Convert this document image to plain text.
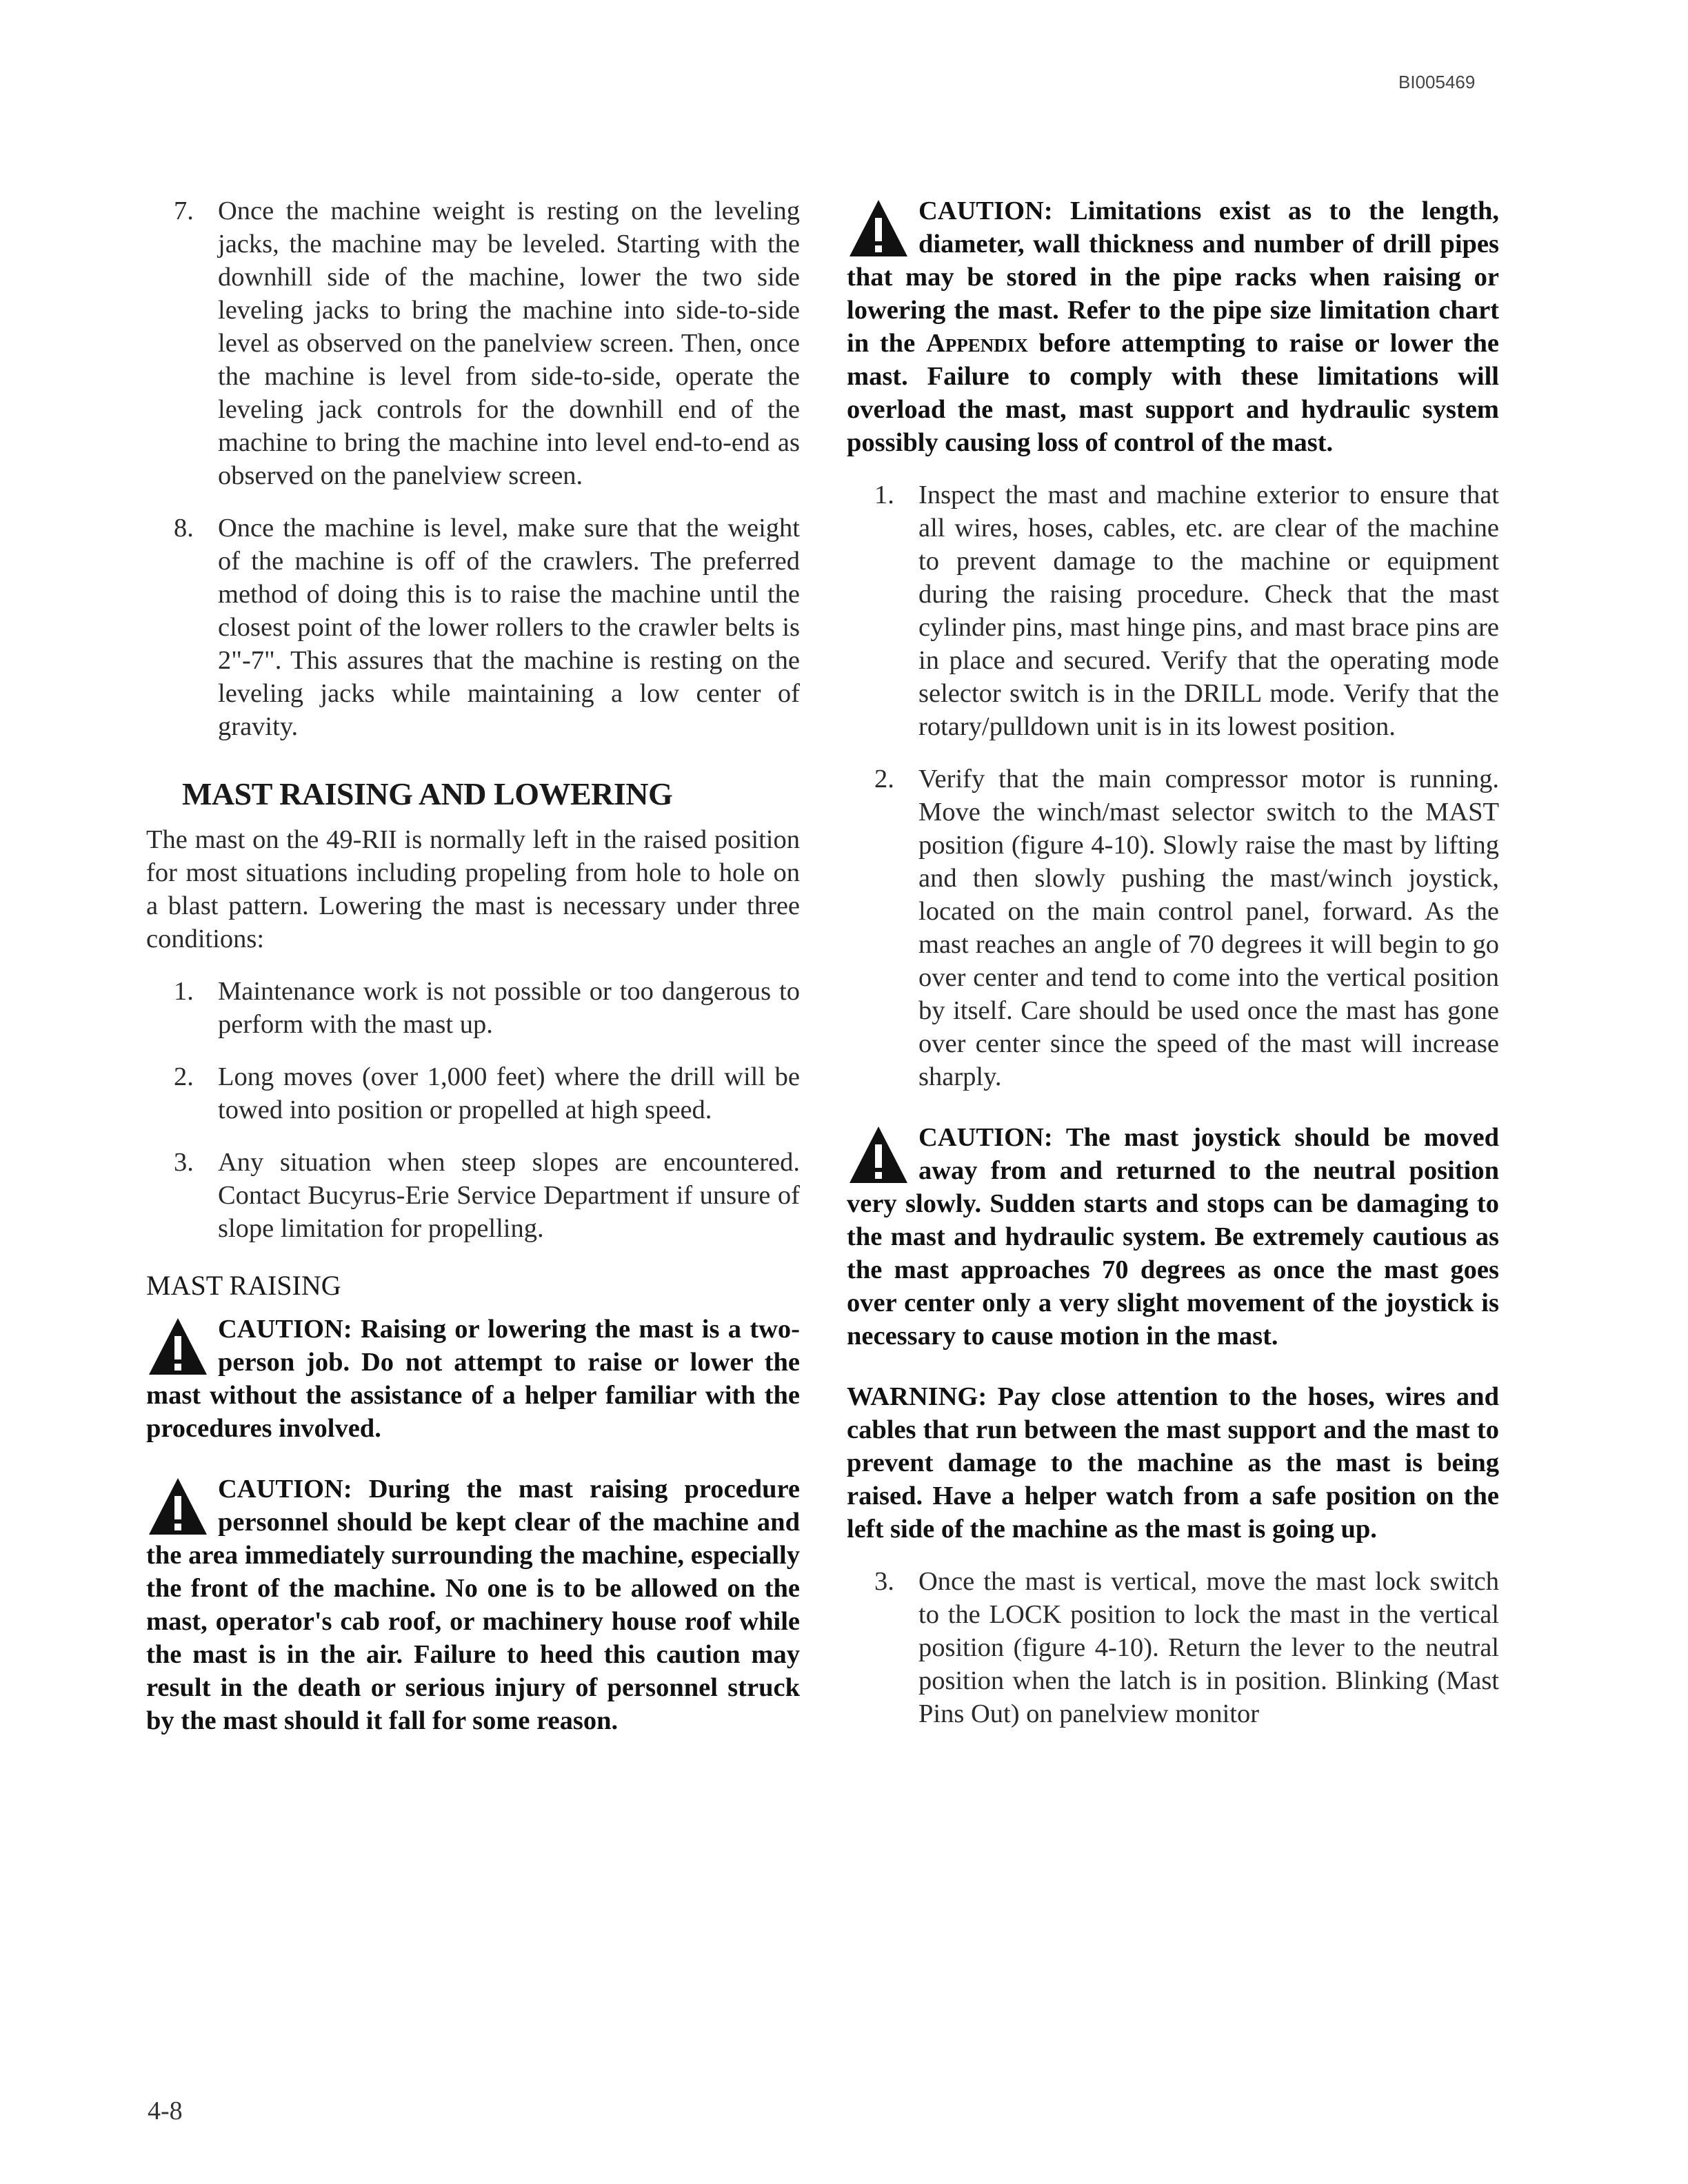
BI005469
7. Once the machine weight is resting on the leveling jacks, the machine may be leveled. Starting with the downhill side of the machine, lower the two side leveling jacks to bring the machine into side-to-side level as observed on the panelview screen. Then, once the machine is level from side-to-side, operate the leveling jack controls for the downhill end of the machine to bring the machine into level end-to-end as observed on the panelview screen.

8. Once the machine is level, make sure that the weight of the machine is off of the crawlers. The preferred method of doing this is to raise the machine until the closest point of the lower rollers to the crawler belts is 2"-7". This assures that the machine is resting on the leveling jacks while maintaining a low center of gravity.

MAST RAISING AND LOWERING

The mast on the 49-RII is normally left in the raised position for most situations including propeling from hole to hole on a blast pattern. Lowering the mast is necessary under three conditions:

1. Maintenance work is not possible or too dangerous to perform with the mast up.

2. Long moves (over 1,000 feet) where the drill will be towed into position or propelled at high speed.

3. Any situation when steep slopes are encountered. Contact Bucyrus-Erie Service Department if unsure of slope limitation for propelling.

MAST RAISING

CAUTION: Raising or lowering the mast is a two-person job. Do not attempt to raise or lower the mast without the assistance of a helper familiar with the procedures involved.

CAUTION: During the mast raising procedure personnel should be kept clear of the machine and the area immediately surrounding the machine, especially the front of the machine. No one is to be allowed on the mast, operator's cab roof, or machinery house roof while the mast is in the air. Failure to heed this caution may result in the death or serious injury of personnel struck by the mast should it fall for some reason.

CAUTION: Limitations exist as to the length, diameter, wall thickness and number of drill pipes that may be stored in the pipe racks when raising or lowering the mast. Refer to the pipe size limitation chart in the Appendix before attempting to raise or lower the mast. Failure to comply with these limitations will overload the mast, mast support and hydraulic system possibly causing loss of control of the mast.

1. Inspect the mast and machine exterior to ensure that all wires, hoses, cables, etc. are clear of the machine to prevent damage to the machine or equipment during the raising procedure. Check that the mast cylinder pins, mast hinge pins, and mast brace pins are in place and secured. Verify that the operating mode selector switch is in the DRILL mode. Verify that the rotary/pulldown unit is in its lowest position.

2. Verify that the main compressor motor is running. Move the winch/mast selector switch to the MAST position (figure 4-10). Slowly raise the mast by lifting and then slowly pushing the mast/winch joystick, located on the main control panel, forward. As the mast reaches an angle of 70 degrees it will begin to go over center and tend to come into the vertical position by itself. Care should be used once the mast has gone over center since the speed of the mast will increase sharply.

CAUTION: The mast joystick should be moved away from and returned to the neutral position very slowly. Sudden starts and stops can be damaging to the mast and hydraulic system. Be extremely cautious as the mast approaches 70 degrees as once the mast goes over center only a very slight movement of the joystick is necessary to cause motion in the mast.

WARNING: Pay close attention to the hoses, wires and cables that run between the mast support and the mast to prevent damage to the machine as the mast is being raised. Have a helper watch from a safe position on the left side of the machine as the mast is going up.

3. Once the mast is vertical, move the mast lock switch to the LOCK position to lock the mast in the vertical position (figure 4-10). Return the lever to the neutral position when the latch is in position. Blinking (Mast Pins Out) on panelview monitor

4-8
